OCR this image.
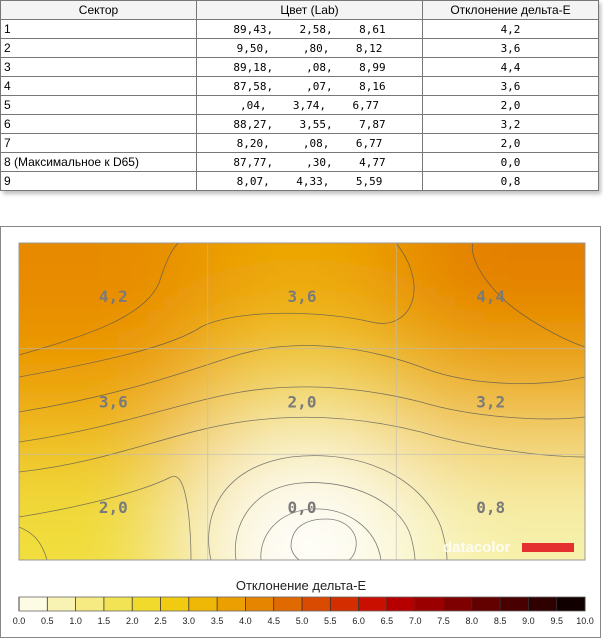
Сектор	Цвет (Lab)	Отклонение дельта-E
1	89,43,    2,58,    8,61	4,2
2	9,50,     ,80,    8,12	3,6
3	89,18,     ,08,    8,99	4,4
4	87,58,     ,07,    8,16	3,6
5	,04,    3,74,    6,77	2,0
6	88,27,    3,55,    7,87	3,2
7	8,20,     ,08,    6,77	2,0
8 (Максимальное к D65)	87,77,     ,30,    4,77	0,0
9	8,07,    4,33,    5,59	0,8
4,2	3,6	4,4
3,6	2,0	3,2
2,0	0,0	0,8
datacolor
Отклонение дельта-E
0.0 0.5 1.0 1.5 2.0 2.5 3.0 3.5 4.0 4.5 5.0 5.5 6.0 6.5 7.0 7.5 8.0 8.5 9.0 9.5 10.0
